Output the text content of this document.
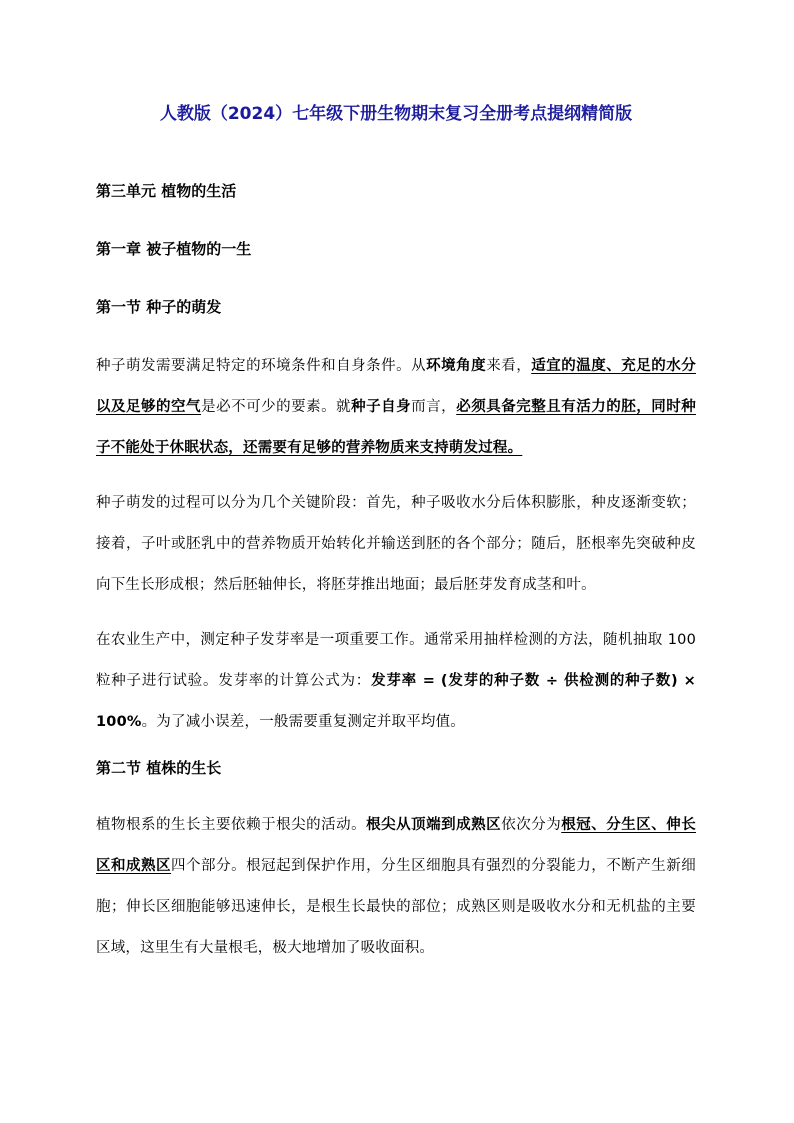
人教版（2024）七年级下册生物期末复习全册考点提纲精简版
第三单元 植物的生活
第一章 被子植物的一生
第一节 种子的萌发

种子萌发需要满足特定的环境条件和自身条件。从环境角度来看，适宜的温度、充足的水分以及足够的空气是必不可少的要素。就种子自身而言，必须具备完整且有活力的胚，同时种子不能处于休眠状态，还需要有足够的营养物质来支持萌发过程。

种子萌发的过程可以分为几个关键阶段：首先，种子吸收水分后体积膨胀，种皮逐渐变软；接着，子叶或胚乳中的营养物质开始转化并输送到胚的各个部分；随后，胚根率先突破种皮向下生长形成根；然后胚轴伸长，将胚芽推出地面；最后胚芽发育成茎和叶。

在农业生产中，测定种子发芽率是一项重要工作。通常采用抽样检测的方法，随机抽取 100 粒种子进行试验。发芽率的计算公式为：发芽率 = (发芽的种子数 ÷ 供检测的种子数) × 100%。为了减小误差，一般需要重复测定并取平均值。

第二节 植株的生长

植物根系的生长主要依赖于根尖的活动。根尖从顶端到成熟区依次分为根冠、分生区、伸长区和成熟区四个部分。根冠起到保护作用，分生区细胞具有强烈的分裂能力，不断产生新细胞；伸长区细胞能够迅速伸长，是根生长最快的部位；成熟区则是吸收水分和无机盐的主要区域，这里生有大量根毛，极大地增加了吸收面积。
